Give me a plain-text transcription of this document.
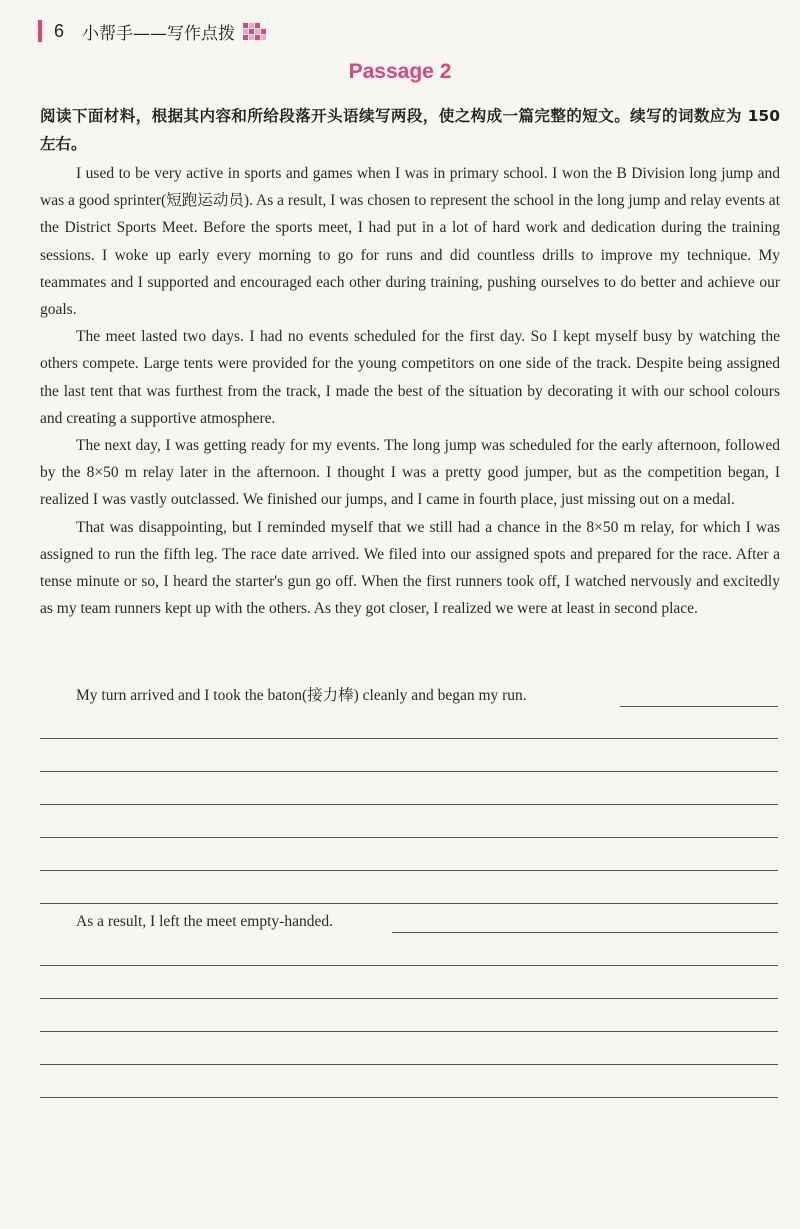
6 小帮手——写作点拨
Passage 2
阅读下面材料，根据其内容和所给段落开头语续写两段，使之构成一篇完整的短文。续写的词数应为 150 左右。

I used to be very active in sports and games when I was in primary school. I won the B Division long jump and was a good sprinter(短跑运动员). As a result, I was chosen to represent the school in the long jump and relay events at the District Sports Meet. Before the sports meet, I had put in a lot of hard work and dedication during the training sessions. I woke up early every morning to go for runs and did countless drills to improve my technique. My teammates and I supported and encouraged each other during training, pushing ourselves to do better and achieve our goals.

The meet lasted two days. I had no events scheduled for the first day. So I kept myself busy by watching the others compete. Large tents were provided for the young competitors on one side of the track. Despite being assigned the last tent that was furthest from the track, I made the best of the situation by decorating it with our school colours and creating a supportive atmosphere.

The next day, I was getting ready for my events. The long jump was scheduled for the early afternoon, followed by the 8×50 m relay later in the afternoon. I thought I was a pretty good jumper, but as the competition began, I realized I was vastly outclassed. We finished our jumps, and I came in fourth place, just missing out on a medal.

That was disappointing, but I reminded myself that we still had a chance in the 8×50 m relay, for which I was assigned to run the fifth leg. The race date arrived. We filed into our assigned spots and prepared for the race. After a tense minute or so, I heard the starter's gun go off. When the first runners took off, I watched nervously and excitedly as my team runners kept up with the others. As they got closer, I realized we were at least in second place.

My turn arrived and I took the baton(接力棒) cleanly and began my run.
As a result, I left the meet empty-handed.
